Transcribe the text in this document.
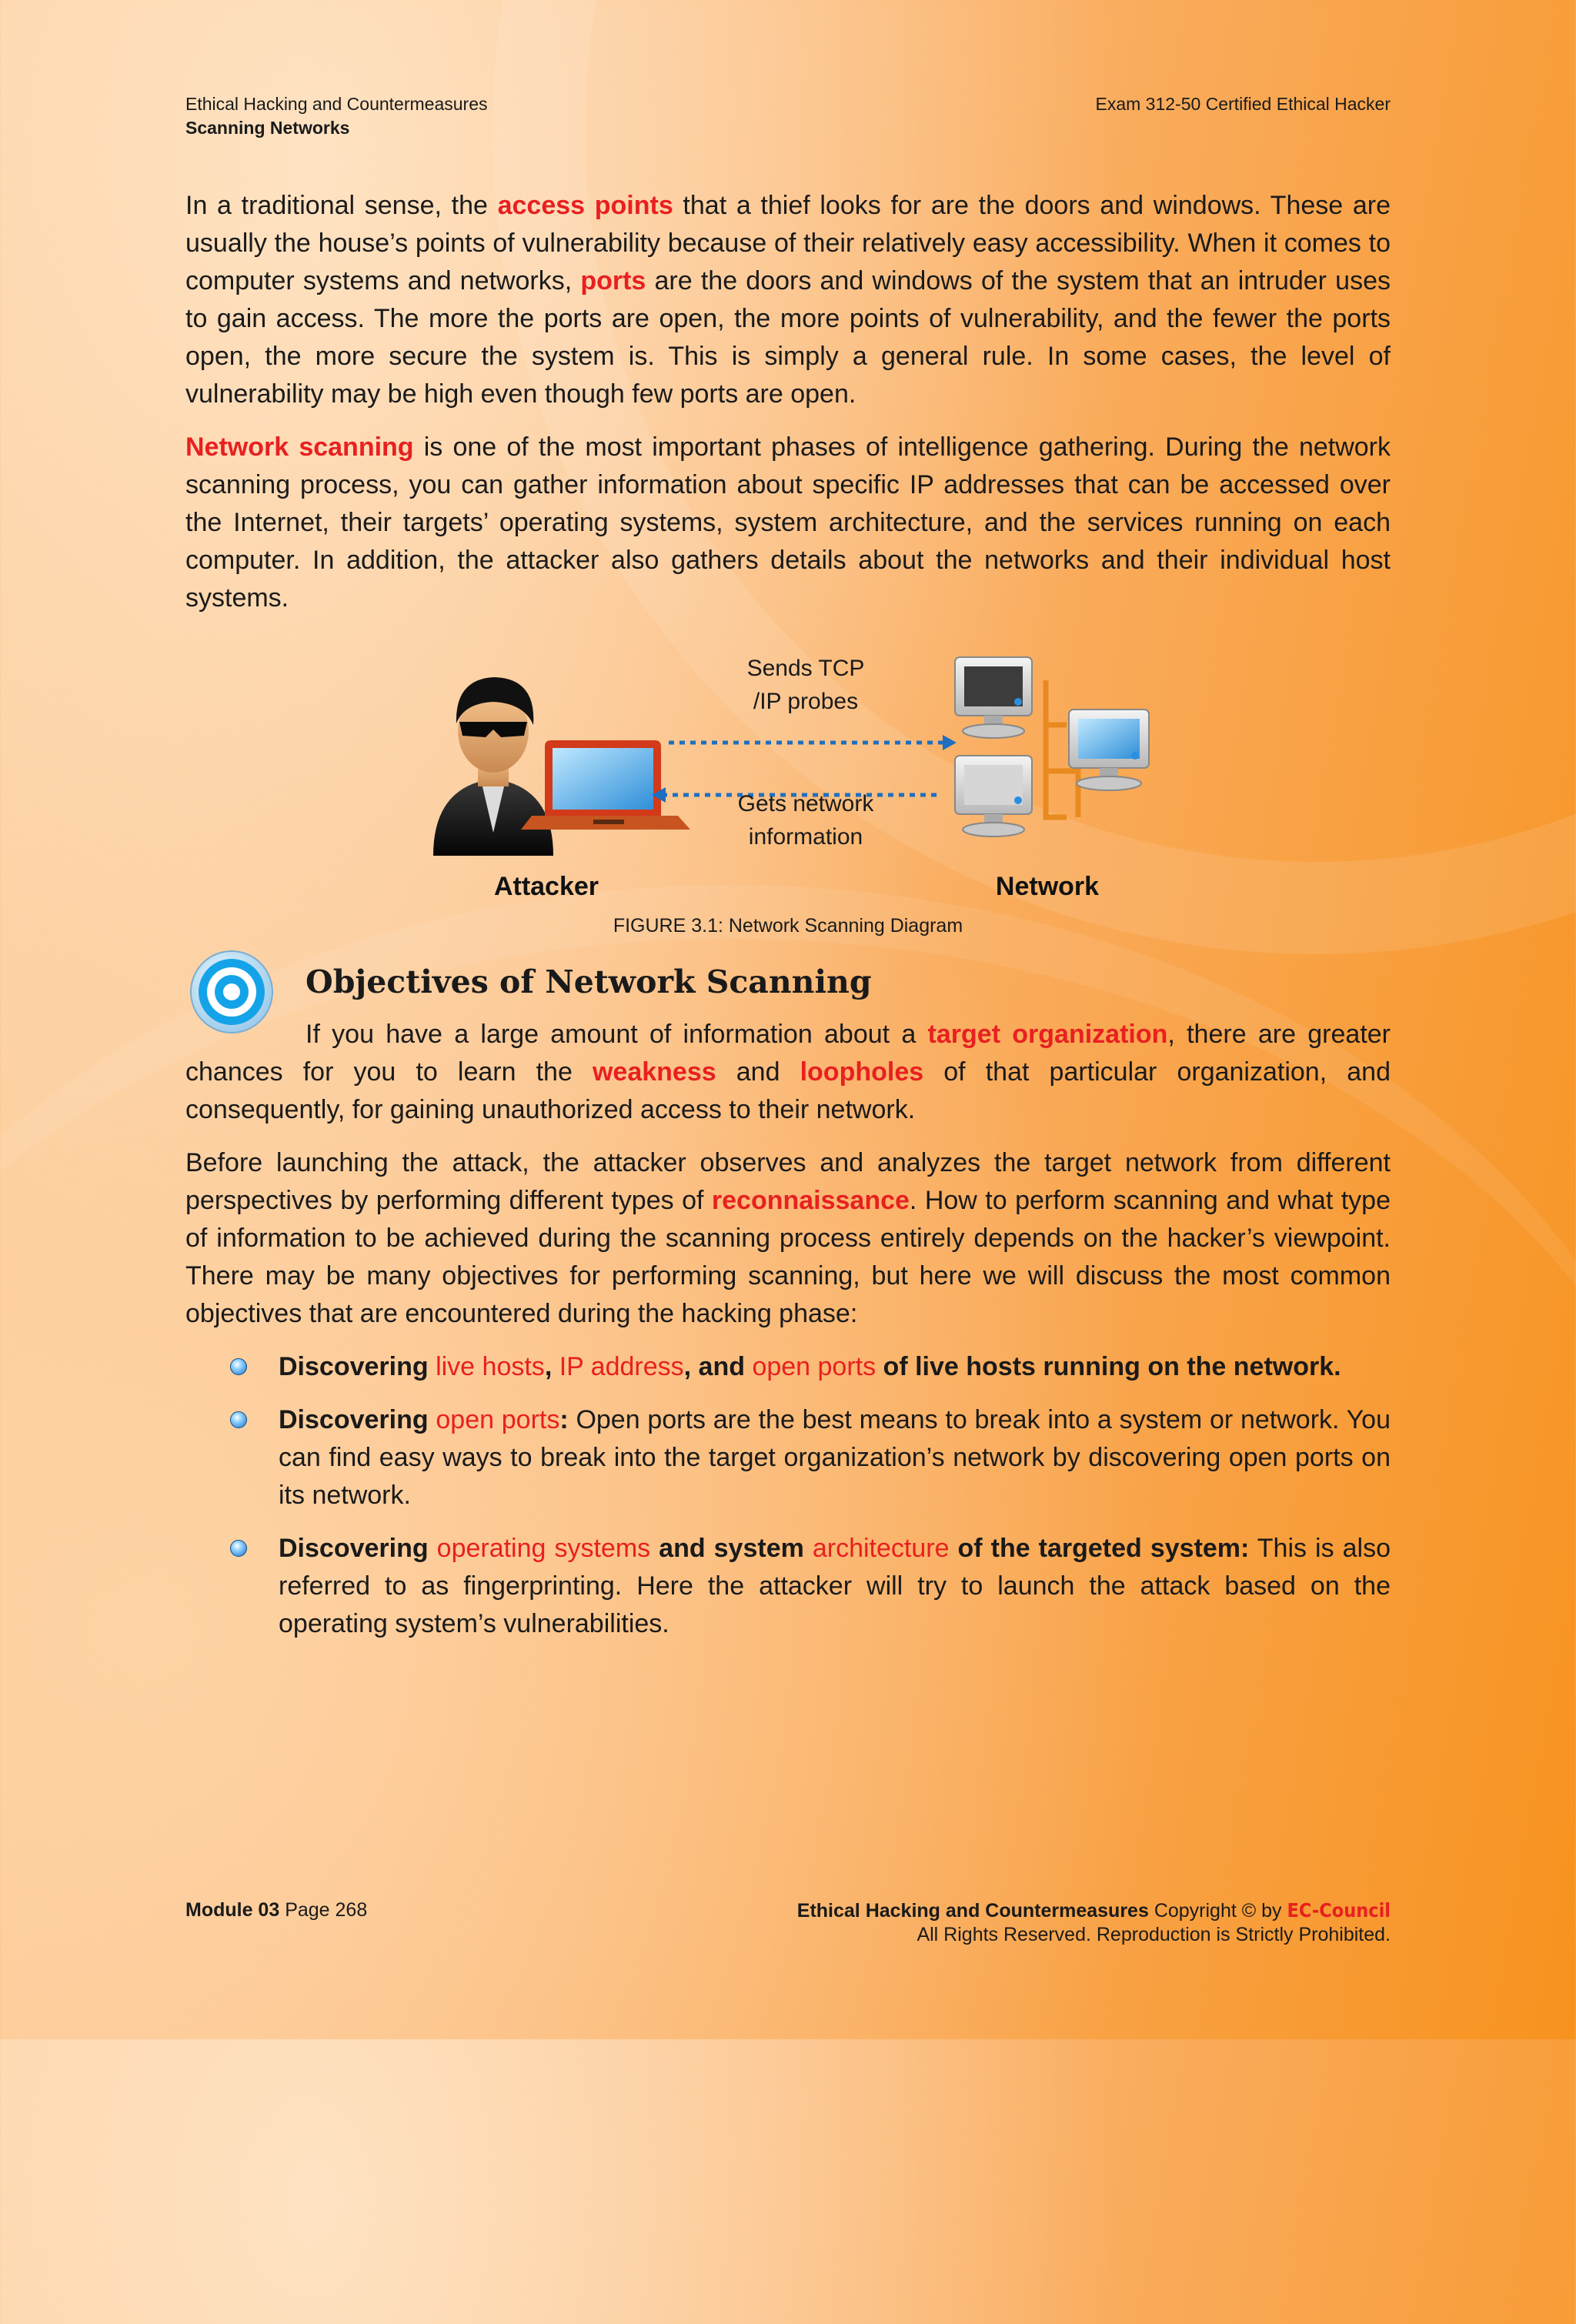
Ethical Hacking and Countermeasures
Scanning Networks
Exam 312-50 Certified Ethical Hacker

In a traditional sense, the access points that a thief looks for are the doors and windows. These are usually the house’s points of vulnerability because of their relatively easy accessibility. When it comes to computer systems and networks, ports are the doors and windows of the system that an intruder uses to gain access. The more the ports are open, the more points of vulnerability, and the fewer the ports open, the more secure the system is. This is simply a general rule. In some cases, the level of vulnerability may be high even though few ports are open.

Network scanning is one of the most important phases of intelligence gathering. During the network scanning process, you can gather information about specific IP addresses that can be accessed over the Internet, their targets’ operating systems, system architecture, and the services running on each computer. In addition, the attacker also gathers details about the networks and their individual host systems.

Sends TCP
/IP probes
Gets network
information
Attacker	Network
FIGURE 3.1: Network Scanning Diagram
Objectives of Network Scanning

If you have a large amount of information about a target organization, there are greater chances for you to learn the weakness and loopholes of that particular organization, and consequently, for gaining unauthorized access to their network.

Before launching the attack, the attacker observes and analyzes the target network from different perspectives by performing different types of reconnaissance. How to perform scanning and what type of information to be achieved during the scanning process entirely depends on the hacker’s viewpoint. There may be many objectives for performing scanning, but here we will discuss the most common objectives that are encountered during the hacking phase:

Discovering live hosts, IP address, and open ports of live hosts running on the network.
Discovering open ports: Open ports are the best means to break into a system or network. You can find easy ways to break into the target organization’s network by discovering open ports on its network.
Discovering operating systems and system architecture of the targeted system: This is also referred to as fingerprinting. Here the attacker will try to launch the attack based on the operating system’s vulnerabilities.
Module 03 Page 268	Ethical Hacking and Countermeasures Copyright © by EC-Council
All Rights Reserved. Reproduction is Strictly Prohibited.
